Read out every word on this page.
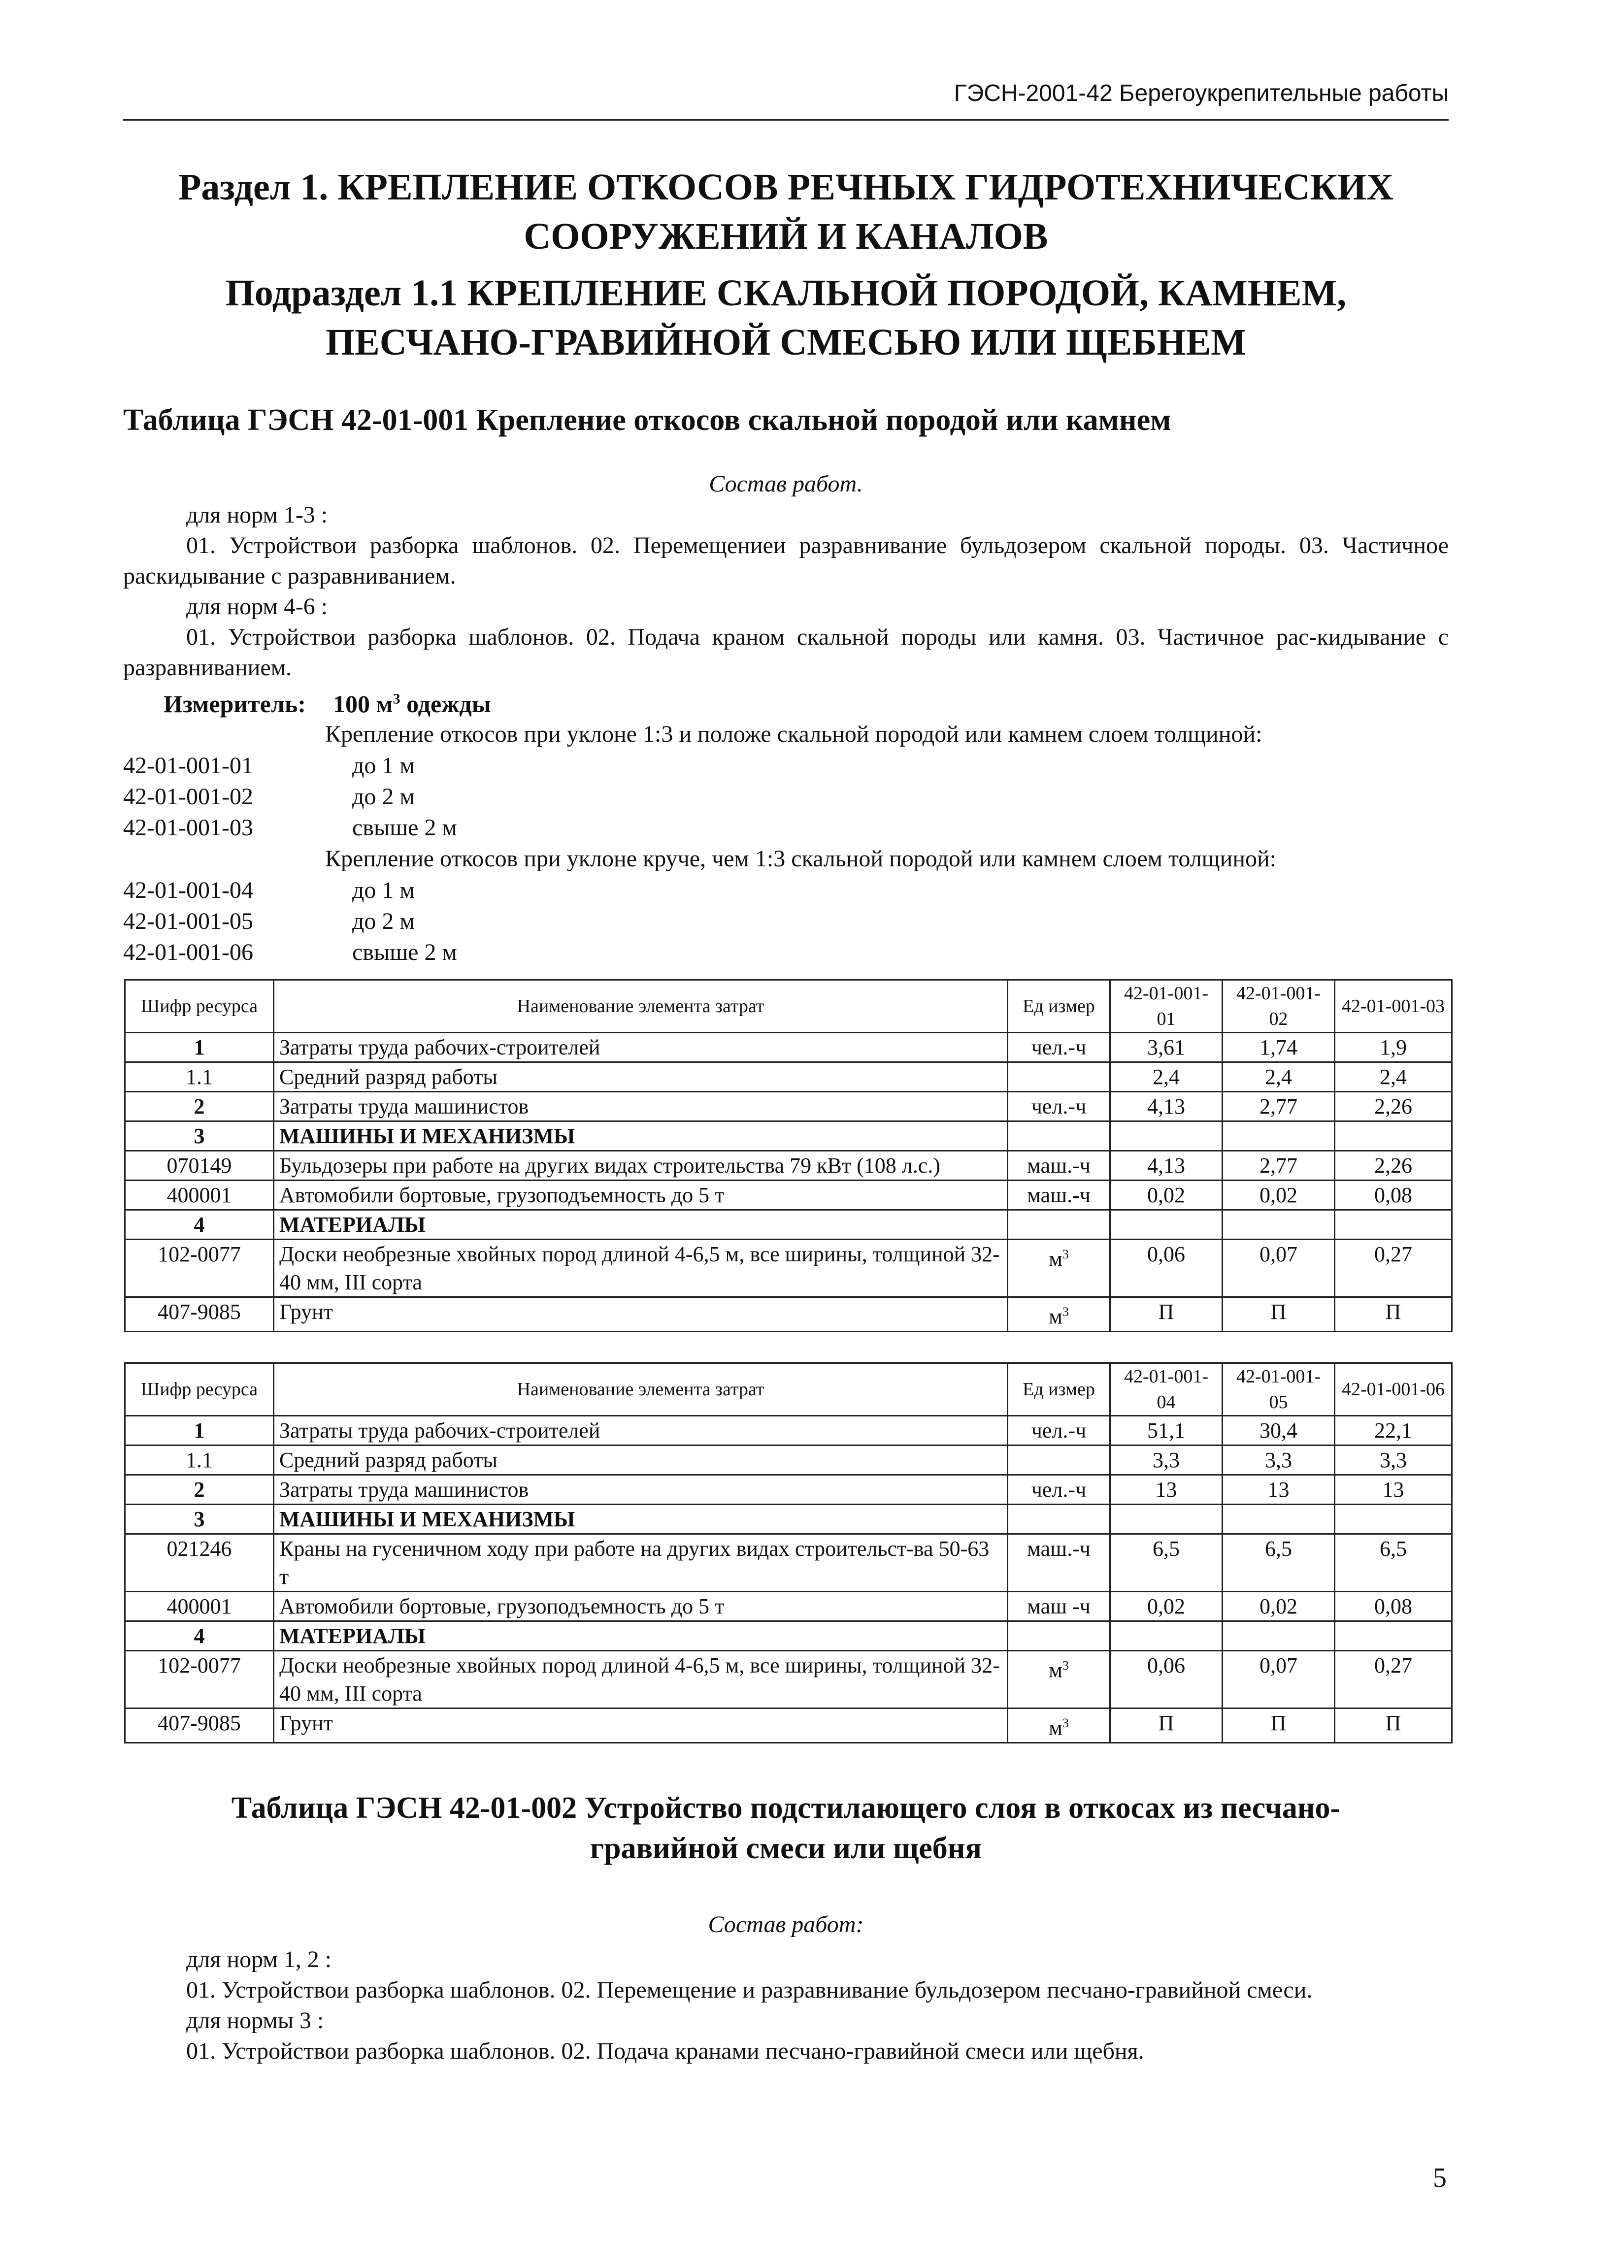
ГЭСН-2001-42 Берегоукрепительные работы
Раздел 1. КРЕПЛЕНИЕ ОТКОСОВ РЕЧНЫХ ГИДРОТЕХНИЧЕСКИХ
СООРУЖЕНИЙ И КАНАЛОВ
Подраздел 1.1 КРЕПЛЕНИЕ СКАЛЬНОЙ ПОРОДОЙ, КАМНЕМ,
ПЕСЧАНО-ГРАВИЙНОЙ СМЕСЬЮ ИЛИ ЩЕБНЕМ
Таблица ГЭСН 42-01-001 Крепление откосов скальной породой или камнем
Состав работ.
для норм 1-3 :
01. Устройствои разборка шаблонов. 02. Перемещениеи разравнивание бульдозером скальной породы. 03. Частичное раскидывание с разравниванием.
для норм 4-6 :
01. Устройствои разборка шаблонов. 02. Подача краном скальной породы или камня. 03. Частичное рас-кидывание с разравниванием.
Измеритель: 100 $м^3$ одежды
Крепление откосов при уклоне 1:3 и положе скальной породой или камнем слоем толщиной:
42-01-001-01	до 1 м
42-01-001-02	до 2 м
42-01-001-03	свыше 2 м
Крепление откосов при уклоне круче, чем 1:3 скальной породой или камнем слоем толщиной:
42-01-001-04	до 1 м
42-01-001-05	до 2 м
42-01-001-06	свыше 2 м
Шифр ресурса	Наименование элемента затрат	Ед измер	42-01-001-01	42-01-001-02	42-01-001-03
1	Затраты труда рабочих-строителей	чел.-ч	3,61	1,74	1,9
1.1	Средний разряд работы		2,4	2,4	2,4
2	Затраты труда машинистов	чел.-ч	4,13	2,77	2,26
3	МАШИНЫ И МЕХАНИЗМЫ				
070149	Бульдозеры при работе на других видах строительства 79 кВт (108 л.с.)	маш.-ч	4,13	2,77	2,26
400001	Автомобили бортовые, грузоподъемность до 5 т	маш.-ч	0,02	0,02	0,08
4	МАТЕРИАЛЫ				
102-0077	Доски необрезные хвойных пород длиной 4-6,5 м, все ширины, толщиной 32-40 мм, III сорта	$м^3$	0,06	0,07	0,27
407-9085	Грунт	$м^3$	П	П	П
Шифр ресурса	Наименование элемента затрат	Ед измер	42-01-001-04	42-01-001-05	42-01-001-06
1	Затраты труда рабочих-строителей	чел.-ч	51,1	30,4	22,1
1.1	Средний разряд работы		3,3	3,3	3,3
2	Затраты труда машинистов	чел.-ч	13	13	13
3	МАШИНЫ И МЕХАНИЗМЫ				
021246	Краны на гусеничном ходу при работе на других видах строительст-ва 50-63 т	маш.-ч	6,5	6,5	6,5
400001	Автомобили бортовые, грузоподъемность до 5 т	маш -ч	0,02	0,02	0,08
4	МАТЕРИАЛЫ				
102-0077	Доски необрезные хвойных пород длиной 4-6,5 м, все ширины, толщиной 32-40 мм, III сорта	$м^3$	0,06	0,07	0,27
407-9085	Грунт	$м^3$	П	П	П
Таблица ГЭСН 42-01-002 Устройство подстилающего слоя в откосах из песчано-
гравийной смеси или щебня
Состав работ:
для норм 1, 2 :
01. Устройствои разборка шаблонов. 02. Перемещение и разравнивание бульдозером песчано-гравийной смеси.
для нормы 3 :
01. Устройствои разборка шаблонов. 02. Подача кранами песчано-гравийной смеси или щебня.
5
